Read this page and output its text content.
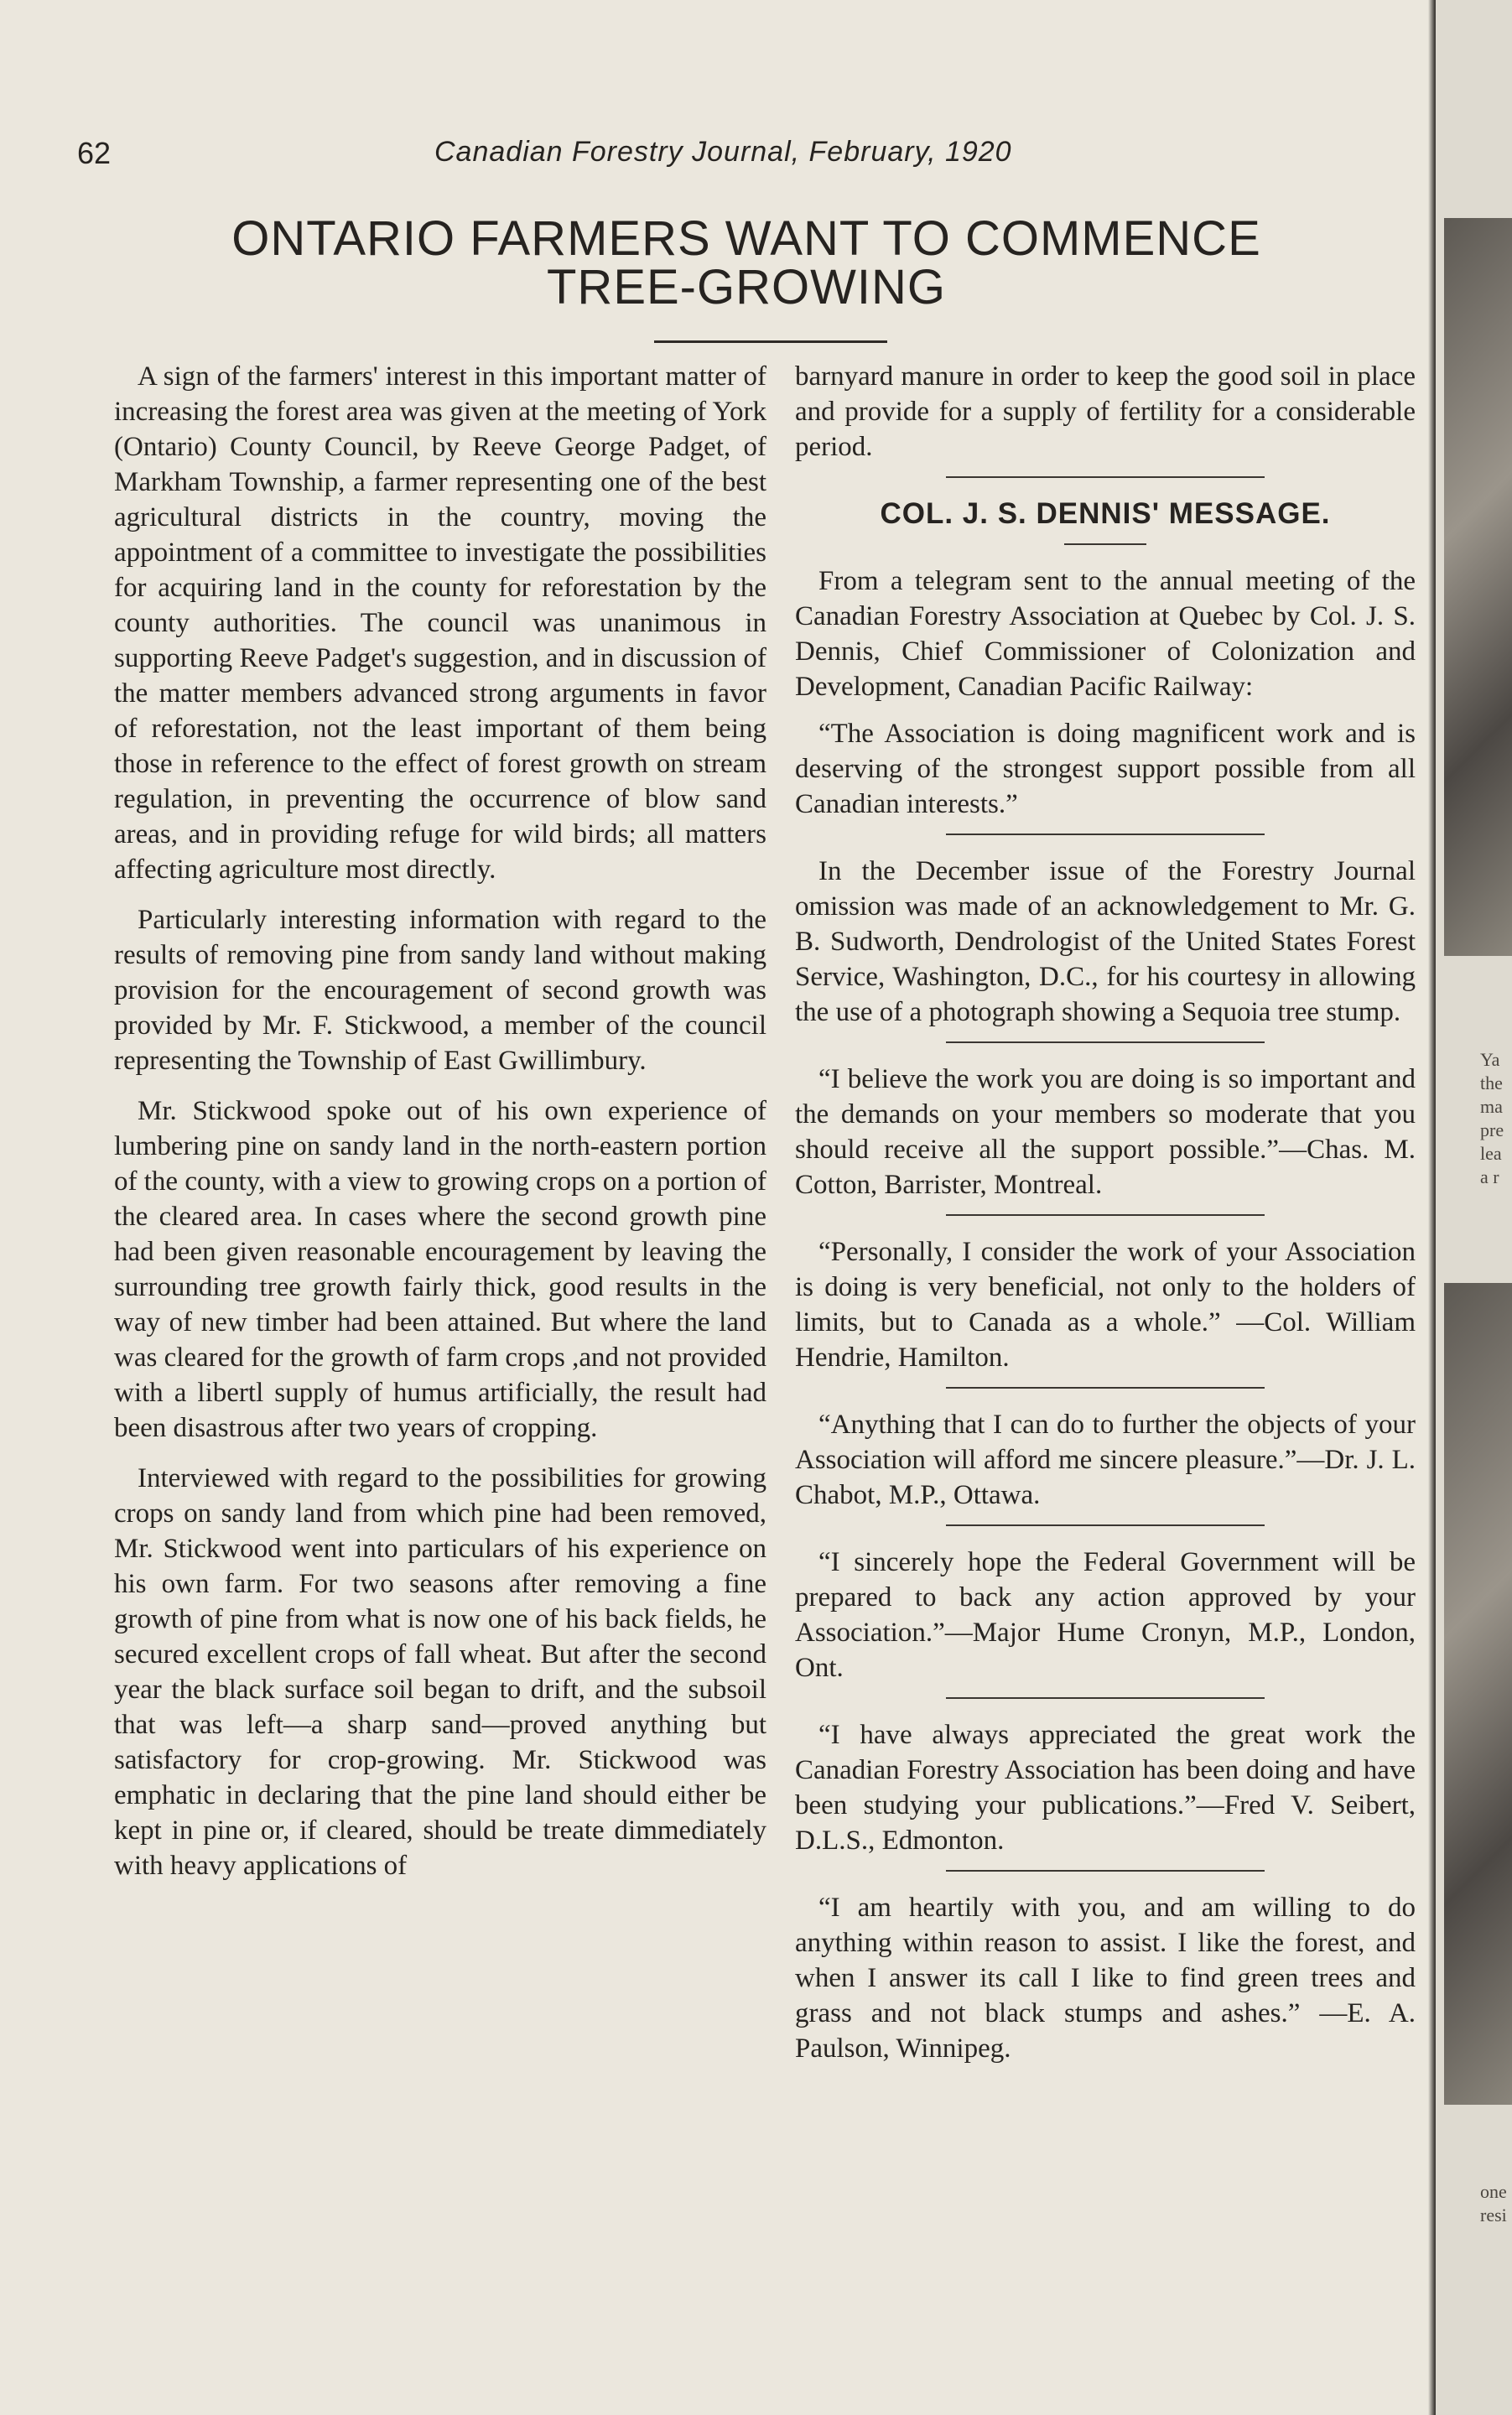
62	Canadian Forestry Journal, February, 1920
ONTARIO FARMERS WANT TO COMMENCE
TREE-GROWING

A sign of the farmers' interest in this important matter of increasing the forest area was given at the meeting of York (Ontario) County Council, by Reeve George Padget, of Markham Township, a farmer representing one of the best agricultural districts in the country, moving the appointment of a committee to investigate the possibilities for acquiring land in the county for reforestation by the county authorities. The council was unanimous in supporting Reeve Padget's suggestion, and in discussion of the matter members advanced strong arguments in favor of reforestation, not the least important of them being those in reference to the effect of forest growth on stream regulation, in preventing the occurrence of blow sand areas, and in providing refuge for wild birds; all matters affecting agriculture most directly.

Particularly interesting information with regard to the results of removing pine from sandy land without making provision for the encouragement of second growth was provided by Mr. F. Stickwood, a member of the council representing the Township of East Gwillimbury.

Mr. Stickwood spoke out of his own experience of lumbering pine on sandy land in the north-eastern portion of the county, with a view to growing crops on a portion of the cleared area. In cases where the second growth pine had been given reasonable encouragement by leaving the surrounding tree growth fairly thick, good results in the way of new timber had been attained. But where the land was cleared for the growth of farm crops ,and not provided with a libertl supply of humus artificially, the result had been disastrous after two years of cropping.

Interviewed with regard to the possibilities for growing crops on sandy land from which pine had been removed, Mr. Stickwood went into particulars of his experience on his own farm. For two seasons after removing a fine growth of pine from what is now one of his back fields, he secured excellent crops of fall wheat. But after the second year the black surface soil began to drift, and the subsoil that was left—a sharp sand—proved anything but satisfactory for crop-growing. Mr. Stickwood was emphatic in declaring that the pine land should either be kept in pine or, if cleared, should be treate dimmediately with heavy applications of

barnyard manure in order to keep the good soil in place and provide for a supply of fertility for a considerable period.

COL. J. S. DENNIS' MESSAGE.

From a telegram sent to the annual meeting of the Canadian Forestry Association at Quebec by Col. J. S. Dennis, Chief Commissioner of Colonization and Development, Canadian Pacific Railway:

“The Association is doing magnificent work and is deserving of the strongest support possible from all Canadian interests.”

In the December issue of the Forestry Journal omission was made of an acknowledgement to Mr. G. B. Sudworth, Dendrologist of the United States Forest Service, Washington, D.C., for his courtesy in allowing the use of a photograph showing a Sequoia tree stump.

“I believe the work you are doing is so important and the demands on your members so moderate that you should receive all the support possible.”—Chas. M. Cotton, Barrister, Montreal.

“Personally, I consider the work of your Association is doing is very beneficial, not only to the holders of limits, but to Canada as a whole.” —Col. William Hendrie, Hamilton.

“Anything that I can do to further the objects of your Association will afford me sincere pleasure.”—Dr. J. L. Chabot, M.P., Ottawa.

“I sincerely hope the Federal Government will be prepared to back any action approved by your Association.”—Major Hume Cronyn, M.P., London, Ont.

“I have always appreciated the great work the Canadian Forestry Association has been doing and have been studying your publications.”—Fred V. Seibert, D.L.S., Edmonton.

“I am heartily with you, and am willing to do anything within reason to assist. I like the forest, and when I answer its call I like to find green trees and grass and not black stumps and ashes.” —E. A. Paulson, Winnipeg.

Ya
the
ma
pre
lea
a r
one
resi
